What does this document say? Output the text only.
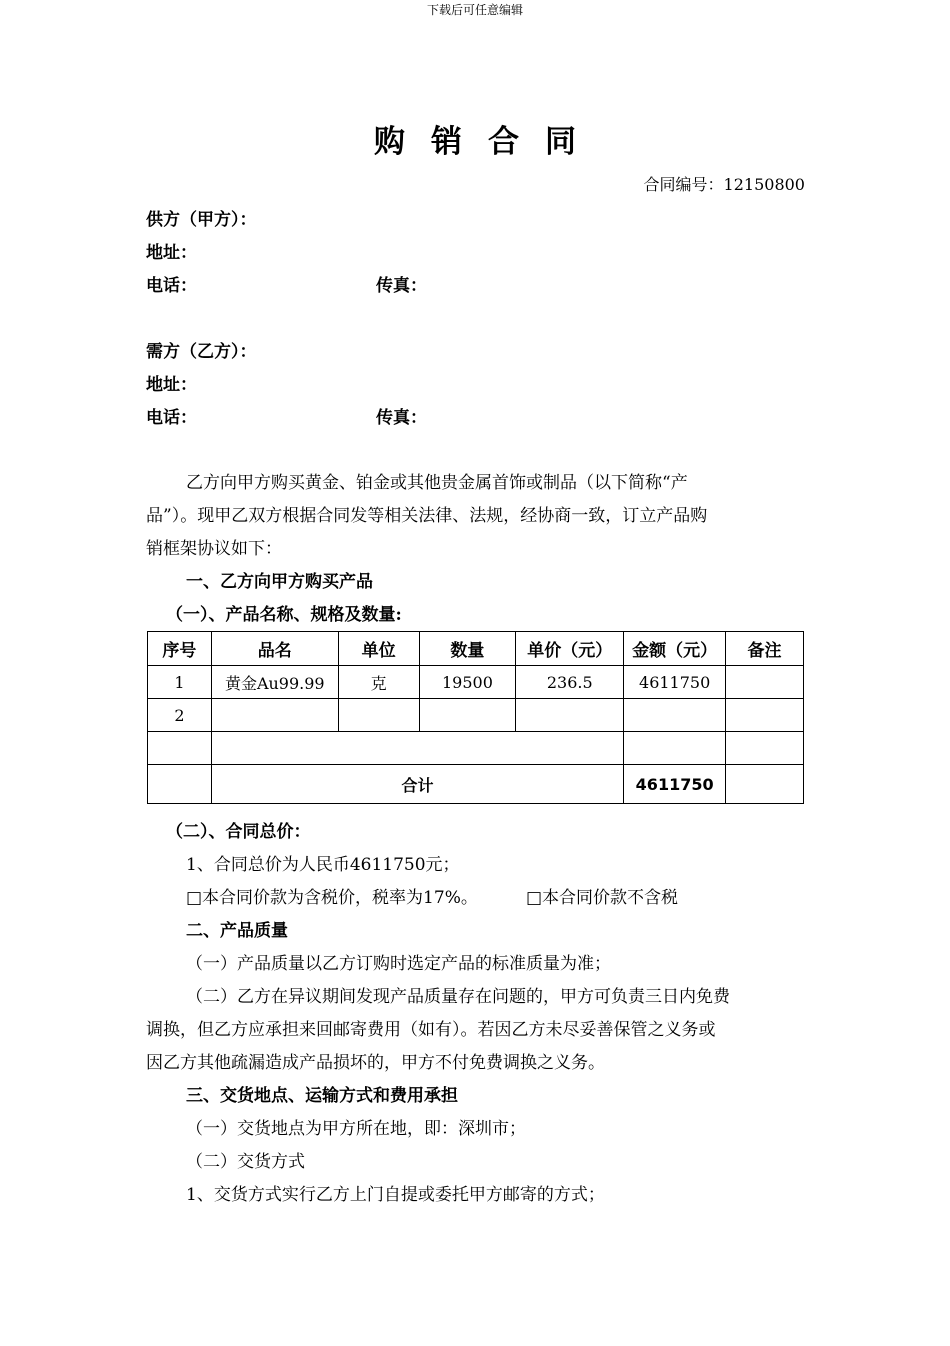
下载后可任意编辑
购销合同
合同编号：12150800
供方（甲方）：
地址：
电话：	传真：
需方（乙方）：
地址：
电话：	传真：
乙方向甲方购买黄金、铂金或其他贵金属首饰或制品（以下简称“产
品”）。现甲乙双方根据合同发等相关法律、法规，经协商一致，订立产品购
销框架协议如下：
一、乙方向甲方购买产品
（一）、产品名称、规格及数量:
序号	品名	单位	数量	单价（元）	金额（元）	备注
1	黄金Au99.99	克	19500	236.5	4611750	
2						

	合计				4611750	
（二）、合同总价：
1、合同总价为人民币4611750元；
□本合同价款为含税价，税率为17%。	□本合同价款不含税
二、产品质量
（一）产品质量以乙方订购时选定产品的标准质量为准；
（二）乙方在异议期间发现产品质量存在问题的，甲方可负责三日内免费
调换，但乙方应承担来回邮寄费用（如有）。若因乙方未尽妥善保管之义务或
因乙方其他疏漏造成产品损坏的，甲方不付免费调换之义务。
三、交货地点、运输方式和费用承担
（一）交货地点为甲方所在地，即：深圳市；
（二）交货方式
1、交货方式实行乙方上门自提或委托甲方邮寄的方式；
